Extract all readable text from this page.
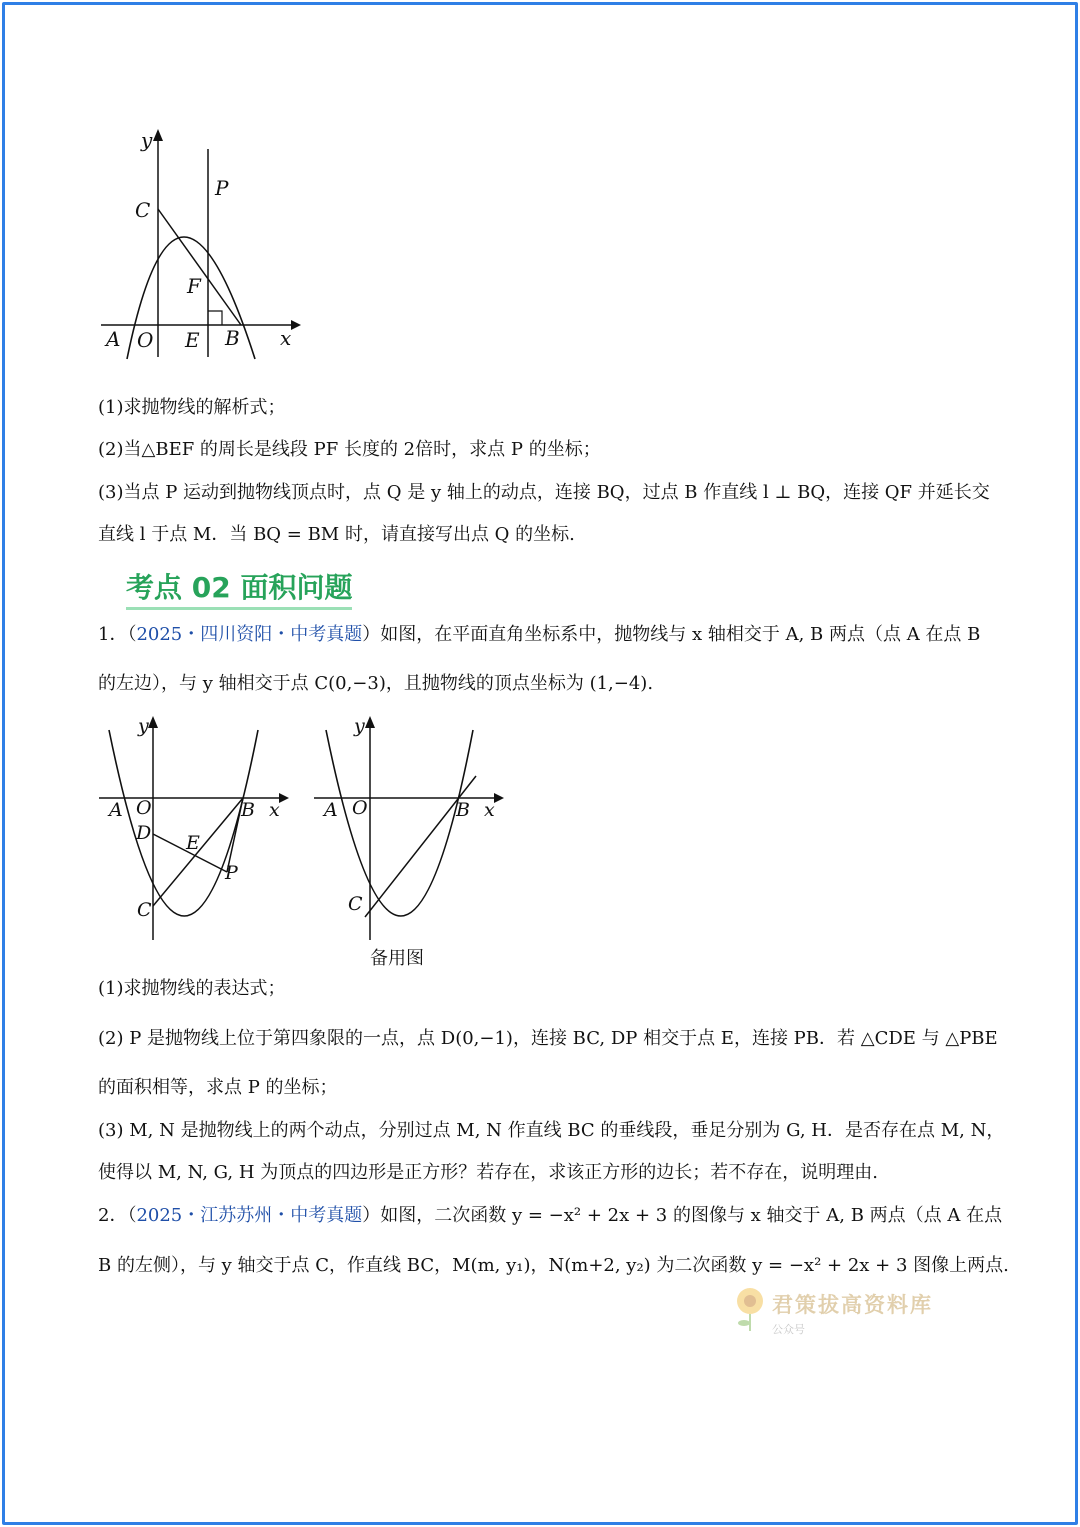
y
x
C
P
F
A O E B
(1)求抛物线的解析式；
(2)当△BEF 的周长是线段 PF 长度的 2倍时，求点 P 的坐标；
(3)当点 P 运动到抛物线顶点时，点 Q 是 y 轴上的动点，连接 BQ，过点 B 作直线 l ⊥ BQ，连接 QF 并延长交
直线 l 于点 M．当 BQ = BM 时，请直接写出点 Q 的坐标.
考点 02 面积问题
1．（2025・四川资阳・中考真题）如图，在平面直角坐标系中，抛物线与 x 轴相交于 A, B 两点（点 A 在点 B
的左边），与 y 轴相交于点 C(0,−3)，且抛物线的顶点坐标为 (1,−4).
y
x
A O	B
D E
P
C
y
x
A O	B
C
备用图
(1)求抛物线的表达式；
(2) P 是抛物线上位于第四象限的一点，点 D(0,−1)，连接 BC, DP 相交于点 E，连接 PB．若 △CDE 与 △PBE
的面积相等，求点 P 的坐标；
(3) M, N 是抛物线上的两个动点，分别过点 M, N 作直线 BC 的垂线段，垂足分别为 G, H．是否存在点 M, N，
使得以 M, N, G, H 为顶点的四边形是正方形？若存在，求该正方形的边长；若不存在，说明理由.
2．（2025・江苏苏州・中考真题）如图，二次函数 y = −x² + 2x + 3 的图像与 x 轴交于 A, B 两点（点 A 在点
B 的左侧），与 y 轴交于点 C，作直线 BC，M(m, y₁)，N(m+2, y₂) 为二次函数 y = −x² + 2x + 3 图像上两点.
君策拔高资料库
公众号
